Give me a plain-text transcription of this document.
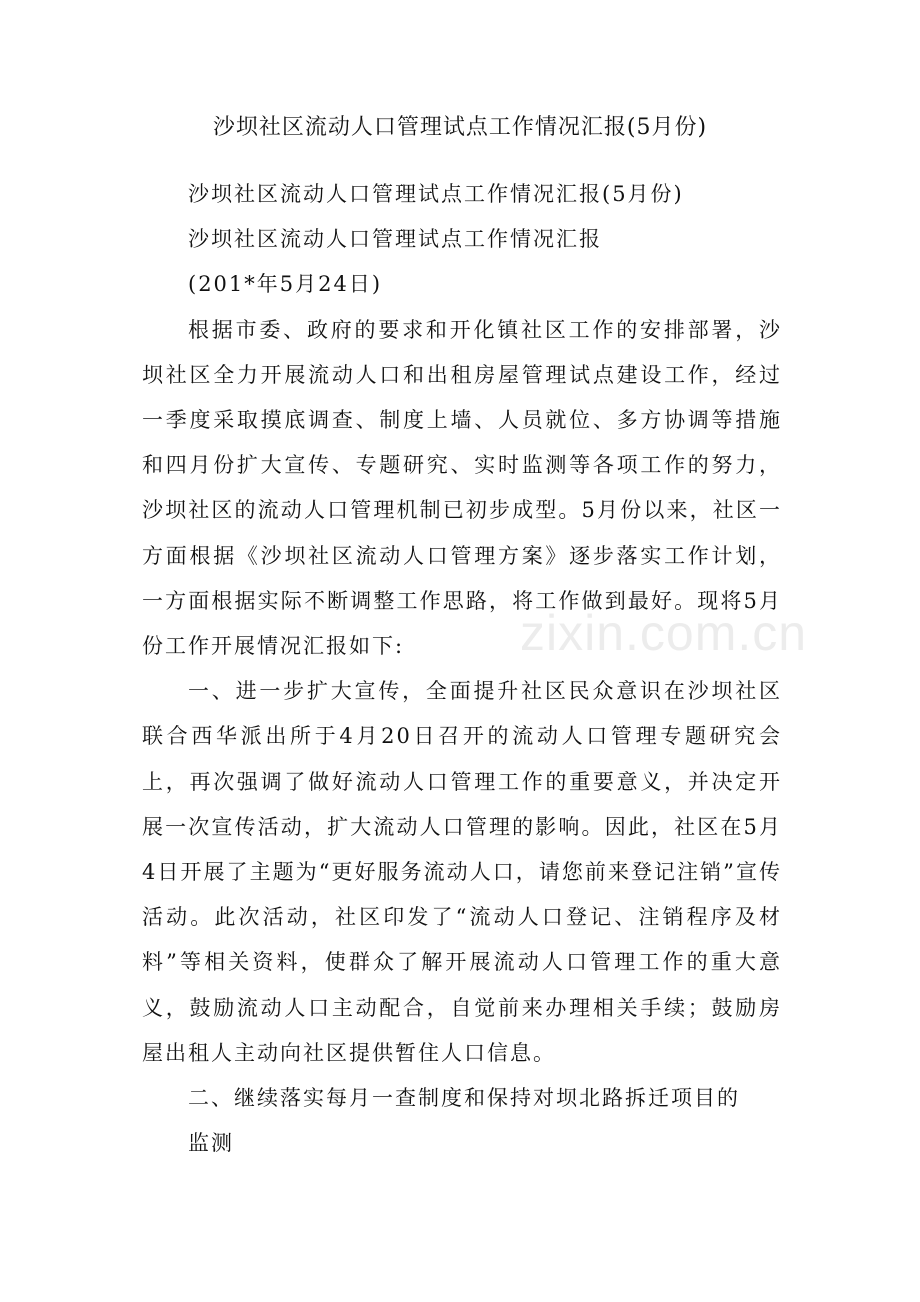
沙坝社区流动人口管理试点工作情况汇报(5月份)

沙坝社区流动人口管理试点工作情况汇报(5月份)

沙坝社区流动人口管理试点工作情况汇报

(201*年5月24日)

根据市委、政府的要求和开化镇社区工作的安排部署，沙坝社区全力开展流动人口和出租房屋管理试点建设工作，经过一季度采取摸底调查、制度上墙、人员就位、多方协调等措施和四月份扩大宣传、专题研究、实时监测等各项工作的努力，沙坝社区的流动人口管理机制已初步成型。5月份以来，社区一方面根据《沙坝社区流动人口管理方案》逐步落实工作计划，一方面根据实际不断调整工作思路，将工作做到最好。现将5月份工作开展情况汇报如下:

一、进一步扩大宣传，全面提升社区民众意识在沙坝社区联合西华派出所于4月20日召开的流动人口管理专题研究会上，再次强调了做好流动人口管理工作的重要意义，并决定开展一次宣传活动，扩大流动人口管理的影响。因此，社区在5月4日开展了主题为“更好服务流动人口，请您前来登记注销”宣传活动。此次活动，社区印发了“流动人口登记、注销程序及材料”等相关资料，使群众了解开展流动人口管理工作的重大意义，鼓励流动人口主动配合，自觉前来办理相关手续；鼓励房屋出租人主动向社区提供暂住人口信息。

二、继续落实每月一查制度和保持对坝北路拆迁项目的

监测

zixin.com.cn
